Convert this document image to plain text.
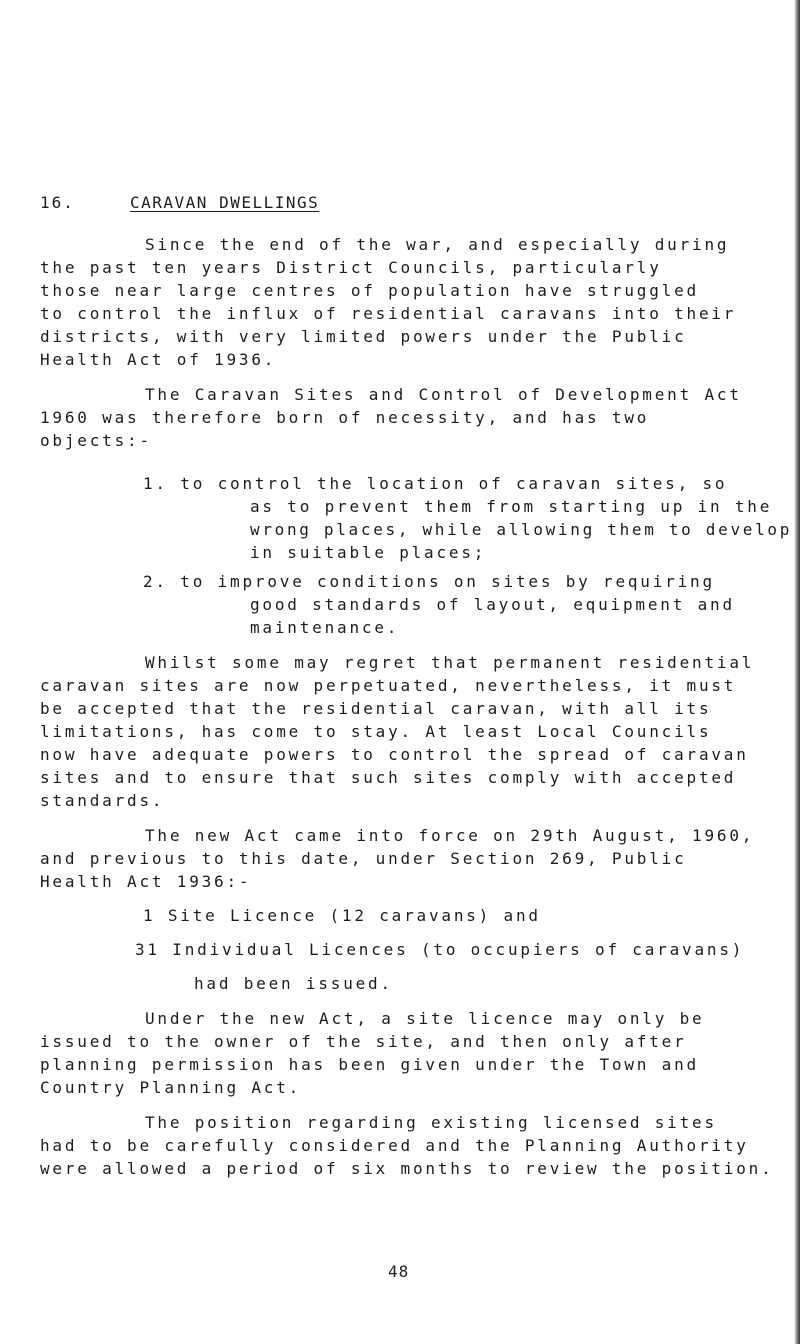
16.	CARAVAN DWELLINGS
Since the end of the war, and especially during
the past ten years District Councils, particularly
those near large centres of population have struggled
to control the influx of residential caravans into their
districts, with very limited powers under the Public
Health Act of 1936.
The Caravan Sites and Control of Development Act
1960 was therefore born of necessity, and has two
objects:-
1. to control the location of caravan sites, so
as to prevent them from starting up in the
wrong places, while allowing them to develop
in suitable places;
2. to improve conditions on sites by requiring
good standards of layout, equipment and
maintenance.
Whilst some may regret that permanent residential
caravan sites are now perpetuated, nevertheless, it must
be accepted that the residential caravan, with all its
limitations, has come to stay. At least Local Councils
now have adequate powers to control the spread of caravan
sites and to ensure that such sites comply with accepted
standards.
The new Act came into force on 29th August, 1960,
and previous to this date, under Section 269, Public
Health Act 1936:-
1 Site Licence (12 caravans) and
31 Individual Licences (to occupiers of caravans)
had been issued.
Under the new Act, a site licence may only be
issued to the owner of the site, and then only after
planning permission has been given under the Town and
Country Planning Act.
The position regarding existing licensed sites
had to be carefully considered and the Planning Authority
were allowed a period of six months to review the position.
48
